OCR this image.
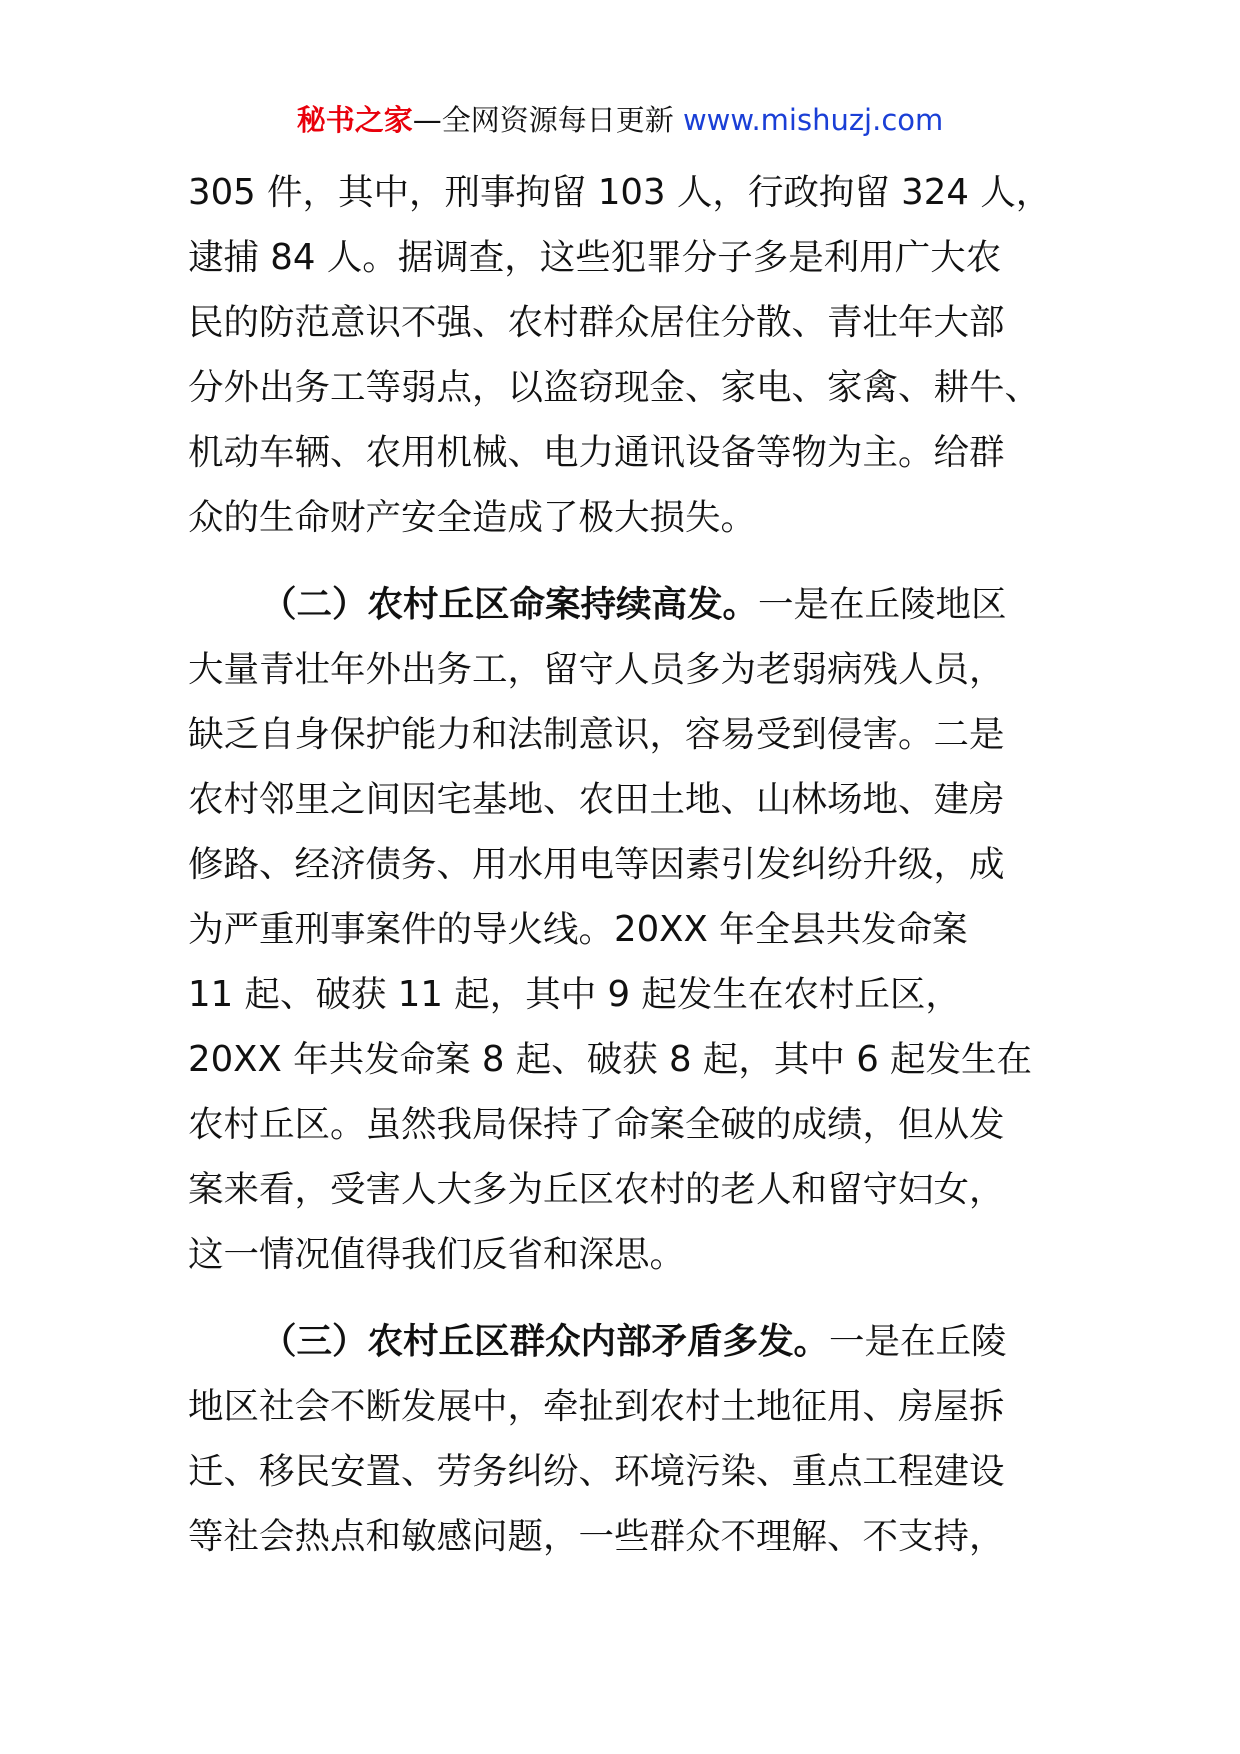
秘书之家—全网资源每日更新 www.mishuzj.com

305 件，其中，刑事拘留 103 人，行政拘留 324 人，
逮捕 84 人。据调查，这些犯罪分子多是利用广大农
民的防范意识不强、农村群众居住分散、青壮年大部
分外出务工等弱点，以盗窃现金、家电、家禽、耕牛、
机动车辆、农用机械、电力通讯设备等物为主。给群
众的生命财产安全造成了极大损失。

（二）农村丘区命案持续高发。一是在丘陵地区
大量青壮年外出务工，留守人员多为老弱病残人员，
缺乏自身保护能力和法制意识，容易受到侵害。二是
农村邻里之间因宅基地、农田土地、山林场地、建房
修路、经济债务、用水用电等因素引发纠纷升级，成
为严重刑事案件的导火线。20XX 年全县共发命案
11 起、破获 11 起，其中 9 起发生在农村丘区，
20XX 年共发命案 8 起、破获 8 起，其中 6 起发生在
农村丘区。虽然我局保持了命案全破的成绩，但从发
案来看，受害人大多为丘区农村的老人和留守妇女，
这一情况值得我们反省和深思。

（三）农村丘区群众内部矛盾多发。一是在丘陵
地区社会不断发展中，牵扯到农村土地征用、房屋拆
迁、移民安置、劳务纠纷、环境污染、重点工程建设
等社会热点和敏感问题，一些群众不理解、不支持，
